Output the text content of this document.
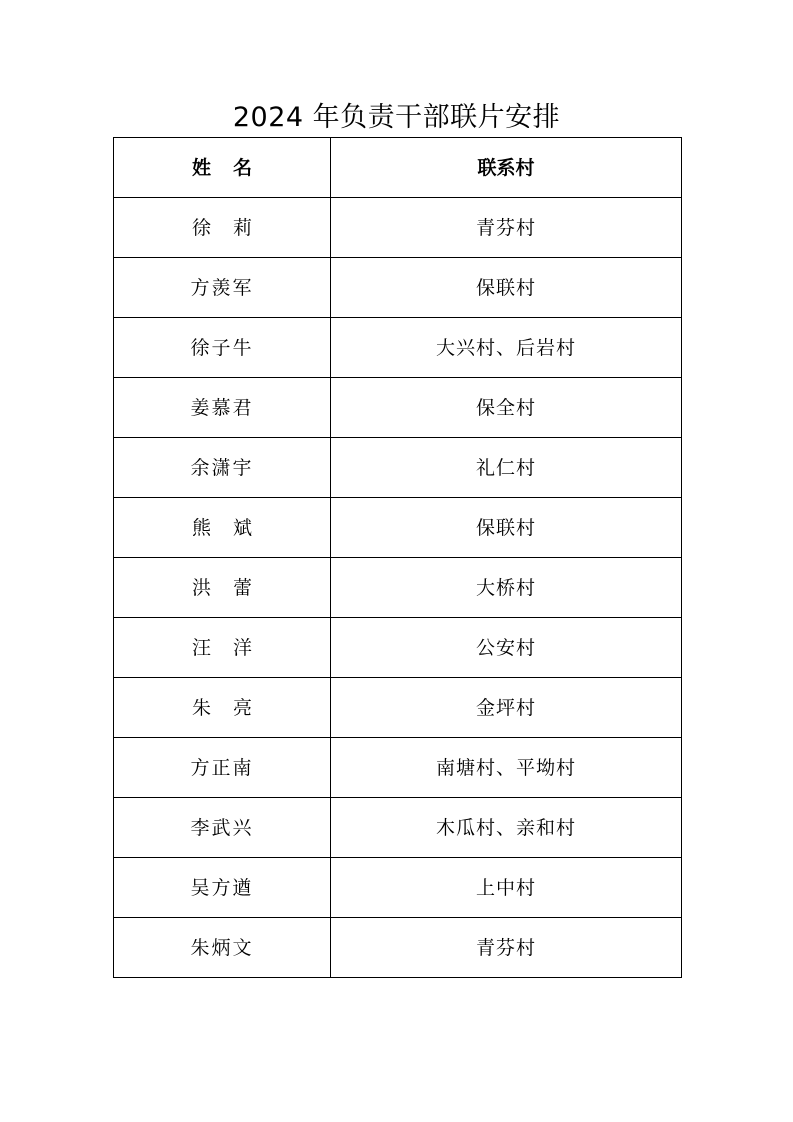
2024 年负责干部联片安排
姓名	联系村
徐莉	青芬村
方羡军	保联村
徐子牛	大兴村、后岩村
姜慕君	保全村
余潇宇	礼仁村
熊斌	保联村
洪蕾	大桥村
汪洋	公安村
朱亮	金坪村
方正南	南塘村、平坳村
李武兴	木瓜村、亲和村
吴方遒	上中村
朱炳文	青芬村
